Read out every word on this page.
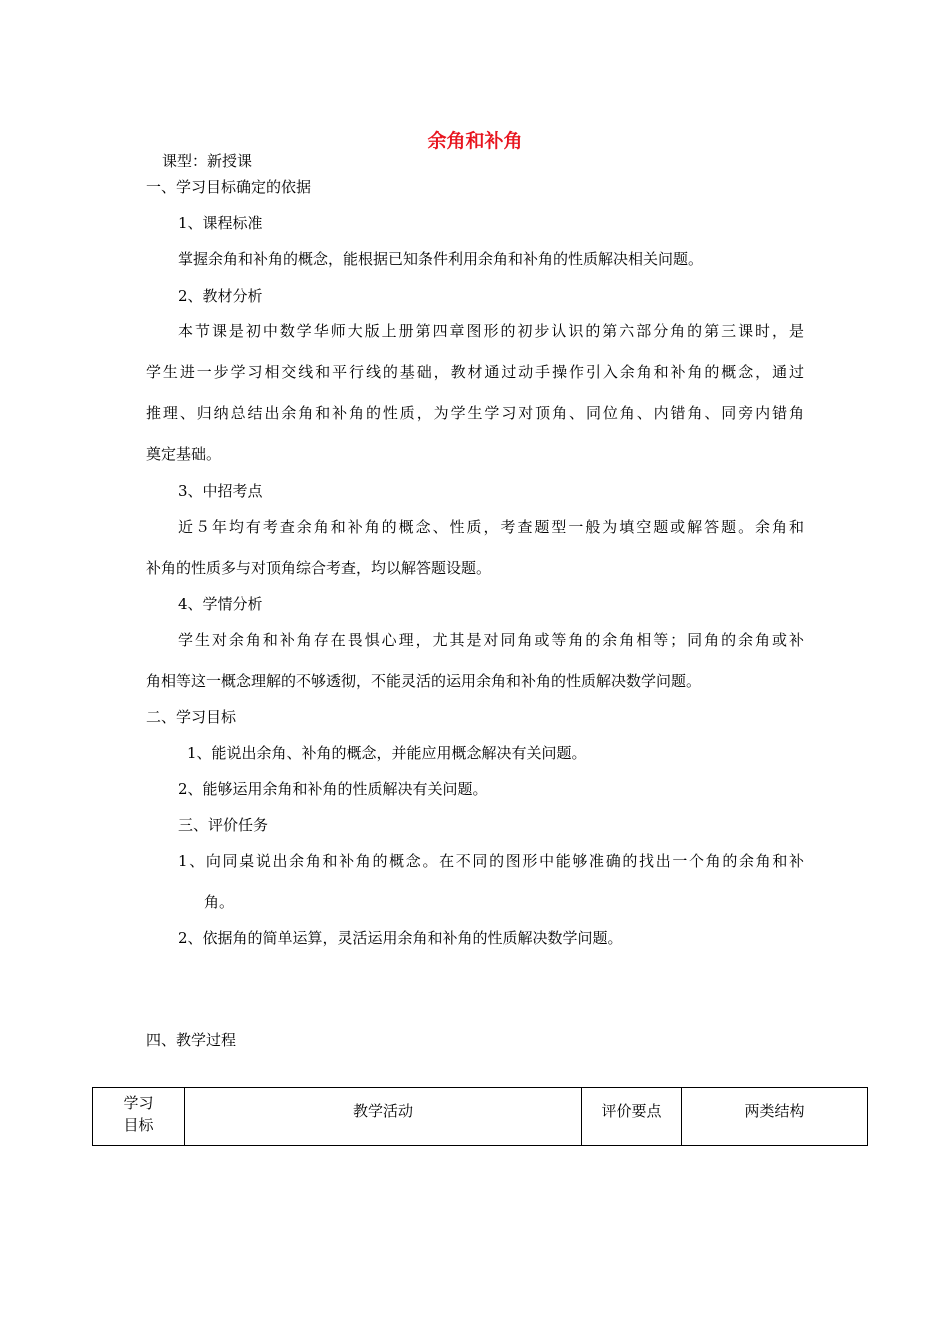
余角和补角
课型：新授课
一、学习目标确定的依据
1、课程标准
掌握余角和补角的概念，能根据已知条件利用余角和补角的性质解决相关问题。
2、教材分析
本节课是初中数学华师大版上册第四章图形的初步认识的第六部分角的第三课时，是
学生进一步学习相交线和平行线的基础，教材通过动手操作引入余角和补角的概念，通过
推理、归纳总结出余角和补角的性质，为学生学习对顶角、同位角、内错角、同旁内错角
奠定基础。
3、中招考点
近５年均有考查余角和补角的概念、性质，考查题型一般为填空题或解答题。余角和
补角的性质多与对顶角综合考查，均以解答题设题。
4、学情分析
学生对余角和补角存在畏惧心理，尤其是对同角或等角的余角相等；同角的余角或补
角相等这一概念理解的不够透彻，不能灵活的运用余角和补角的性质解决数学问题。
二、学习目标
1、能说出余角、补角的概念，并能应用概念解决有关问题。
2、能够运用余角和补角的性质解决有关问题。
三、评价任务
1、向同桌说出余角和补角的概念。在不同的图形中能够准确的找出一个角的余角和补
角。
2、依据角的简单运算，灵活运用余角和补角的性质解决数学问题。
四、教学过程
学习
目标	教学活动	评价要点	两类结构
